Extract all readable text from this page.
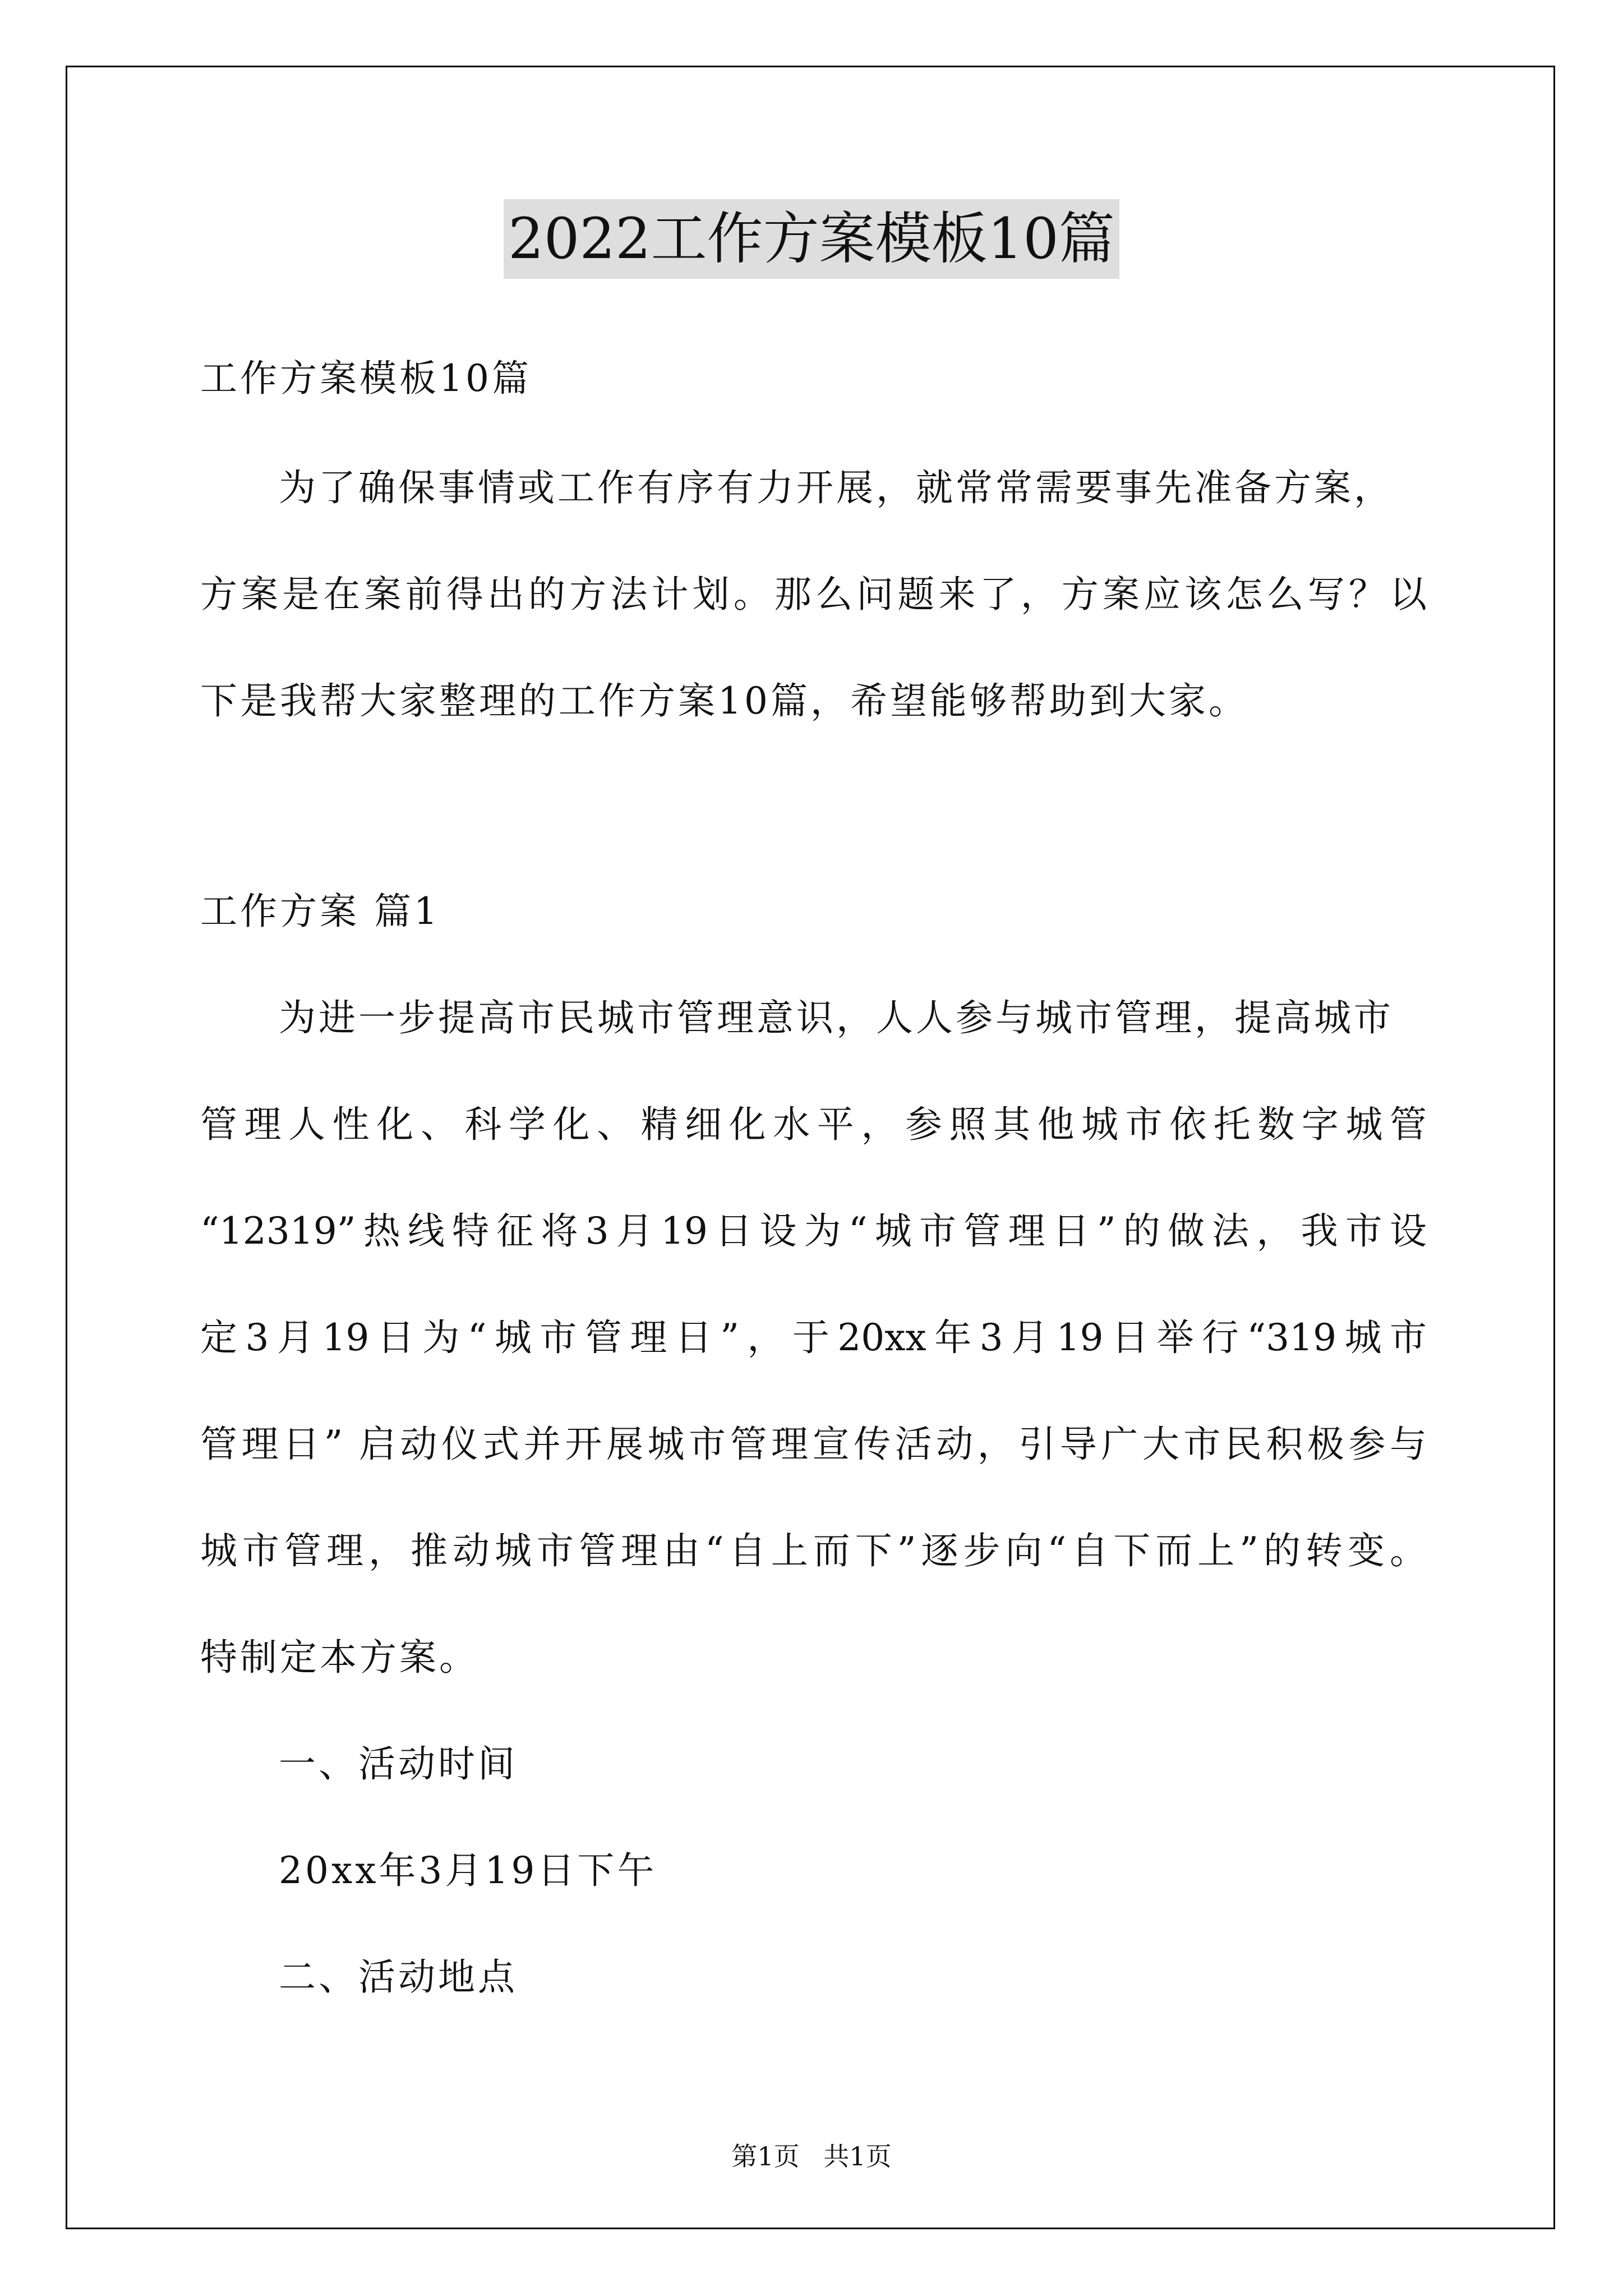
2022工作方案模板10篇
工作方案模板10篇
为了确保事情或工作有序有力开展，就常常需要事先准备方案，
方案是在案前得出的方法计划。那么问题来了，方案应该怎么写？以
下是我帮大家整理的工作方案10篇，希望能够帮助到大家。
工作方案 篇1
为进一步提高市民城市管理意识，人人参与城市管理，提高城市
管理人性化、科学化、精细化水平，参照其他城市依托数字城管
“12319”热线特征将3月19日设为“城市管理日”的做法，我市设
定3月19日为“城市管理日”，于20xx年3月19日举行“319城市
管理日” 启动仪式并开展城市管理宣传活动，引导广大市民积极参与
城市管理，推动城市管理由“自上而下”逐步向“自下而上”的转变。
特制定本方案。
一、活动时间
20xx年3月19日下午
二、活动地点
第1页 共1页
